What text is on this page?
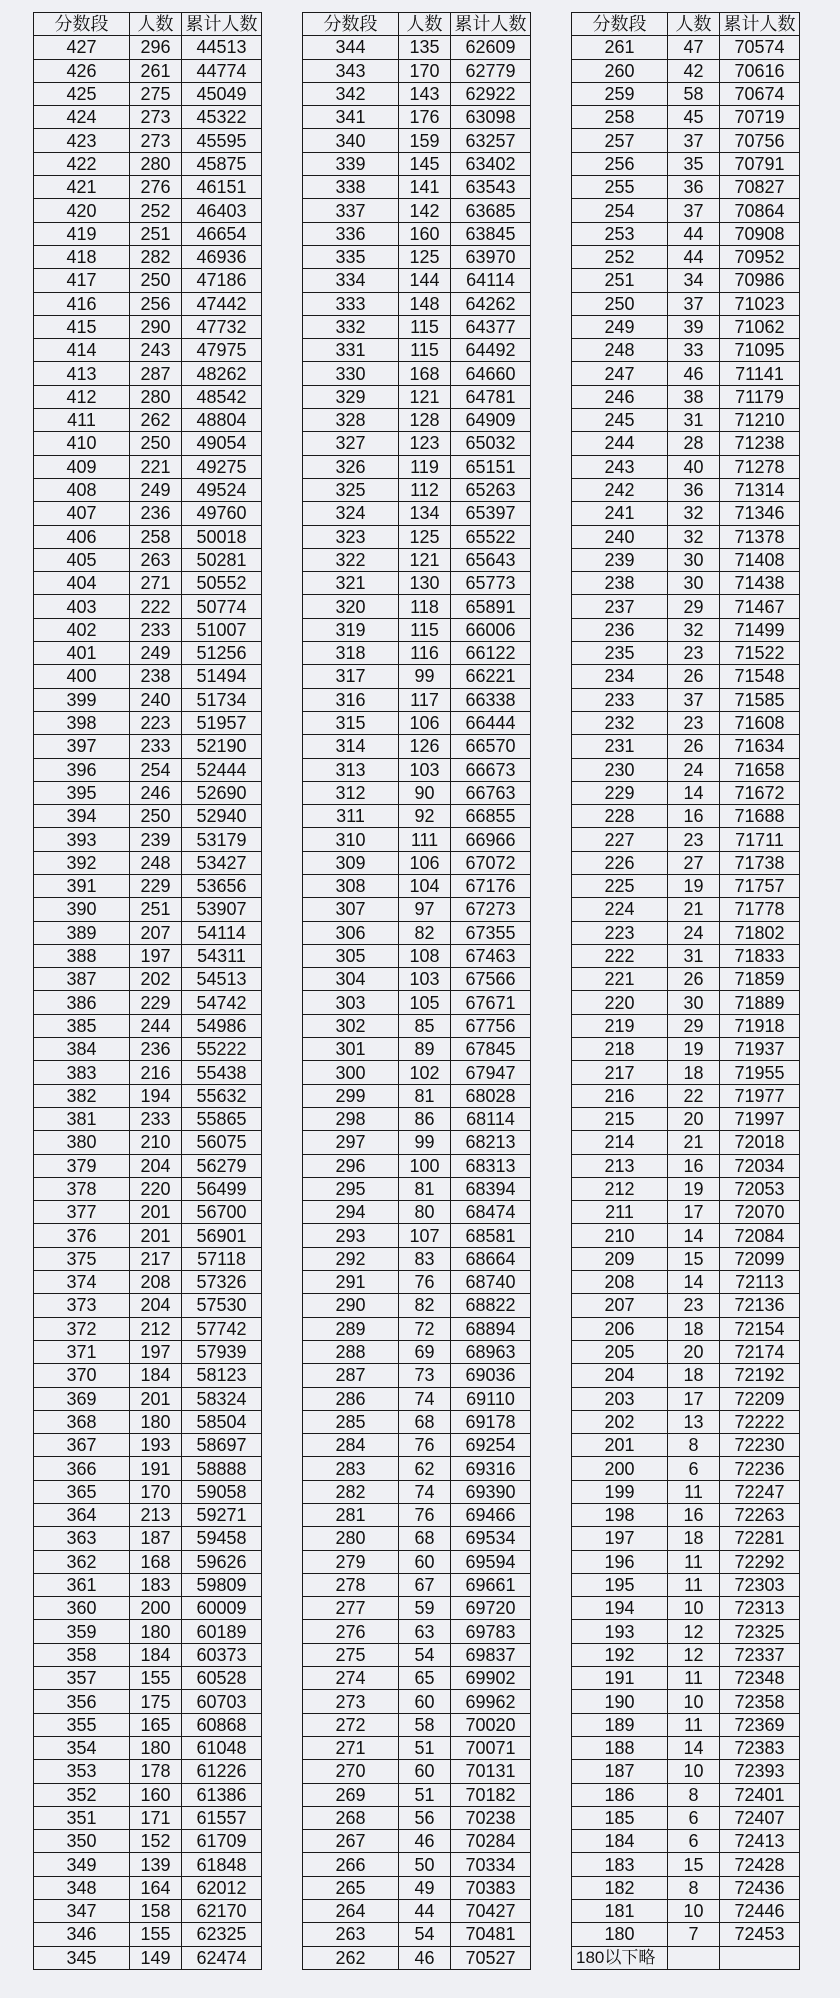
分数段	人数	累计人数
427	296	44513
426	261	44774
425	275	45049
424	273	45322
423	273	45595
422	280	45875
421	276	46151
420	252	46403
419	251	46654
418	282	46936
417	250	47186
416	256	47442
415	290	47732
414	243	47975
413	287	48262
412	280	48542
411	262	48804
410	250	49054
409	221	49275
408	249	49524
407	236	49760
406	258	50018
405	263	50281
404	271	50552
403	222	50774
402	233	51007
401	249	51256
400	238	51494
399	240	51734
398	223	51957
397	233	52190
396	254	52444
395	246	52690
394	250	52940
393	239	53179
392	248	53427
391	229	53656
390	251	53907
389	207	54114
388	197	54311
387	202	54513
386	229	54742
385	244	54986
384	236	55222
383	216	55438
382	194	55632
381	233	55865
380	210	56075
379	204	56279
378	220	56499
377	201	56700
376	201	56901
375	217	57118
374	208	57326
373	204	57530
372	212	57742
371	197	57939
370	184	58123
369	201	58324
368	180	58504
367	193	58697
366	191	58888
365	170	59058
364	213	59271
363	187	59458
362	168	59626
361	183	59809
360	200	60009
359	180	60189
358	184	60373
357	155	60528
356	175	60703
355	165	60868
354	180	61048
353	178	61226
352	160	61386
351	171	61557
350	152	61709
349	139	61848
348	164	62012
347	158	62170
346	155	62325
345	149	62474
分数段	人数	累计人数
344	135	62609
343	170	62779
342	143	62922
341	176	63098
340	159	63257
339	145	63402
338	141	63543
337	142	63685
336	160	63845
335	125	63970
334	144	64114
333	148	64262
332	115	64377
331	115	64492
330	168	64660
329	121	64781
328	128	64909
327	123	65032
326	119	65151
325	112	65263
324	134	65397
323	125	65522
322	121	65643
321	130	65773
320	118	65891
319	115	66006
318	116	66122
317	99	66221
316	117	66338
315	106	66444
314	126	66570
313	103	66673
312	90	66763
311	92	66855
310	111	66966
309	106	67072
308	104	67176
307	97	67273
306	82	67355
305	108	67463
304	103	67566
303	105	67671
302	85	67756
301	89	67845
300	102	67947
299	81	68028
298	86	68114
297	99	68213
296	100	68313
295	81	68394
294	80	68474
293	107	68581
292	83	68664
291	76	68740
290	82	68822
289	72	68894
288	69	68963
287	73	69036
286	74	69110
285	68	69178
284	76	69254
283	62	69316
282	74	69390
281	76	69466
280	68	69534
279	60	69594
278	67	69661
277	59	69720
276	63	69783
275	54	69837
274	65	69902
273	60	69962
272	58	70020
271	51	70071
270	60	70131
269	51	70182
268	56	70238
267	46	70284
266	50	70334
265	49	70383
264	44	70427
263	54	70481
262	46	70527
分数段	人数	累计人数
261	47	70574
260	42	70616
259	58	70674
258	45	70719
257	37	70756
256	35	70791
255	36	70827
254	37	70864
253	44	70908
252	44	70952
251	34	70986
250	37	71023
249	39	71062
248	33	71095
247	46	71141
246	38	71179
245	31	71210
244	28	71238
243	40	71278
242	36	71314
241	32	71346
240	32	71378
239	30	71408
238	30	71438
237	29	71467
236	32	71499
235	23	71522
234	26	71548
233	37	71585
232	23	71608
231	26	71634
230	24	71658
229	14	71672
228	16	71688
227	23	71711
226	27	71738
225	19	71757
224	21	71778
223	24	71802
222	31	71833
221	26	71859
220	30	71889
219	29	71918
218	19	71937
217	18	71955
216	22	71977
215	20	71997
214	21	72018
213	16	72034
212	19	72053
211	17	72070
210	14	72084
209	15	72099
208	14	72113
207	23	72136
206	18	72154
205	20	72174
204	18	72192
203	17	72209
202	13	72222
201	8	72230
200	6	72236
199	11	72247
198	16	72263
197	18	72281
196	11	72292
195	11	72303
194	10	72313
193	12	72325
192	12	72337
191	11	72348
190	10	72358
189	11	72369
188	14	72383
187	10	72393
186	8	72401
185	6	72407
184	6	72413
183	15	72428
182	8	72436
181	10	72446
180	7	72453
180以下略		
